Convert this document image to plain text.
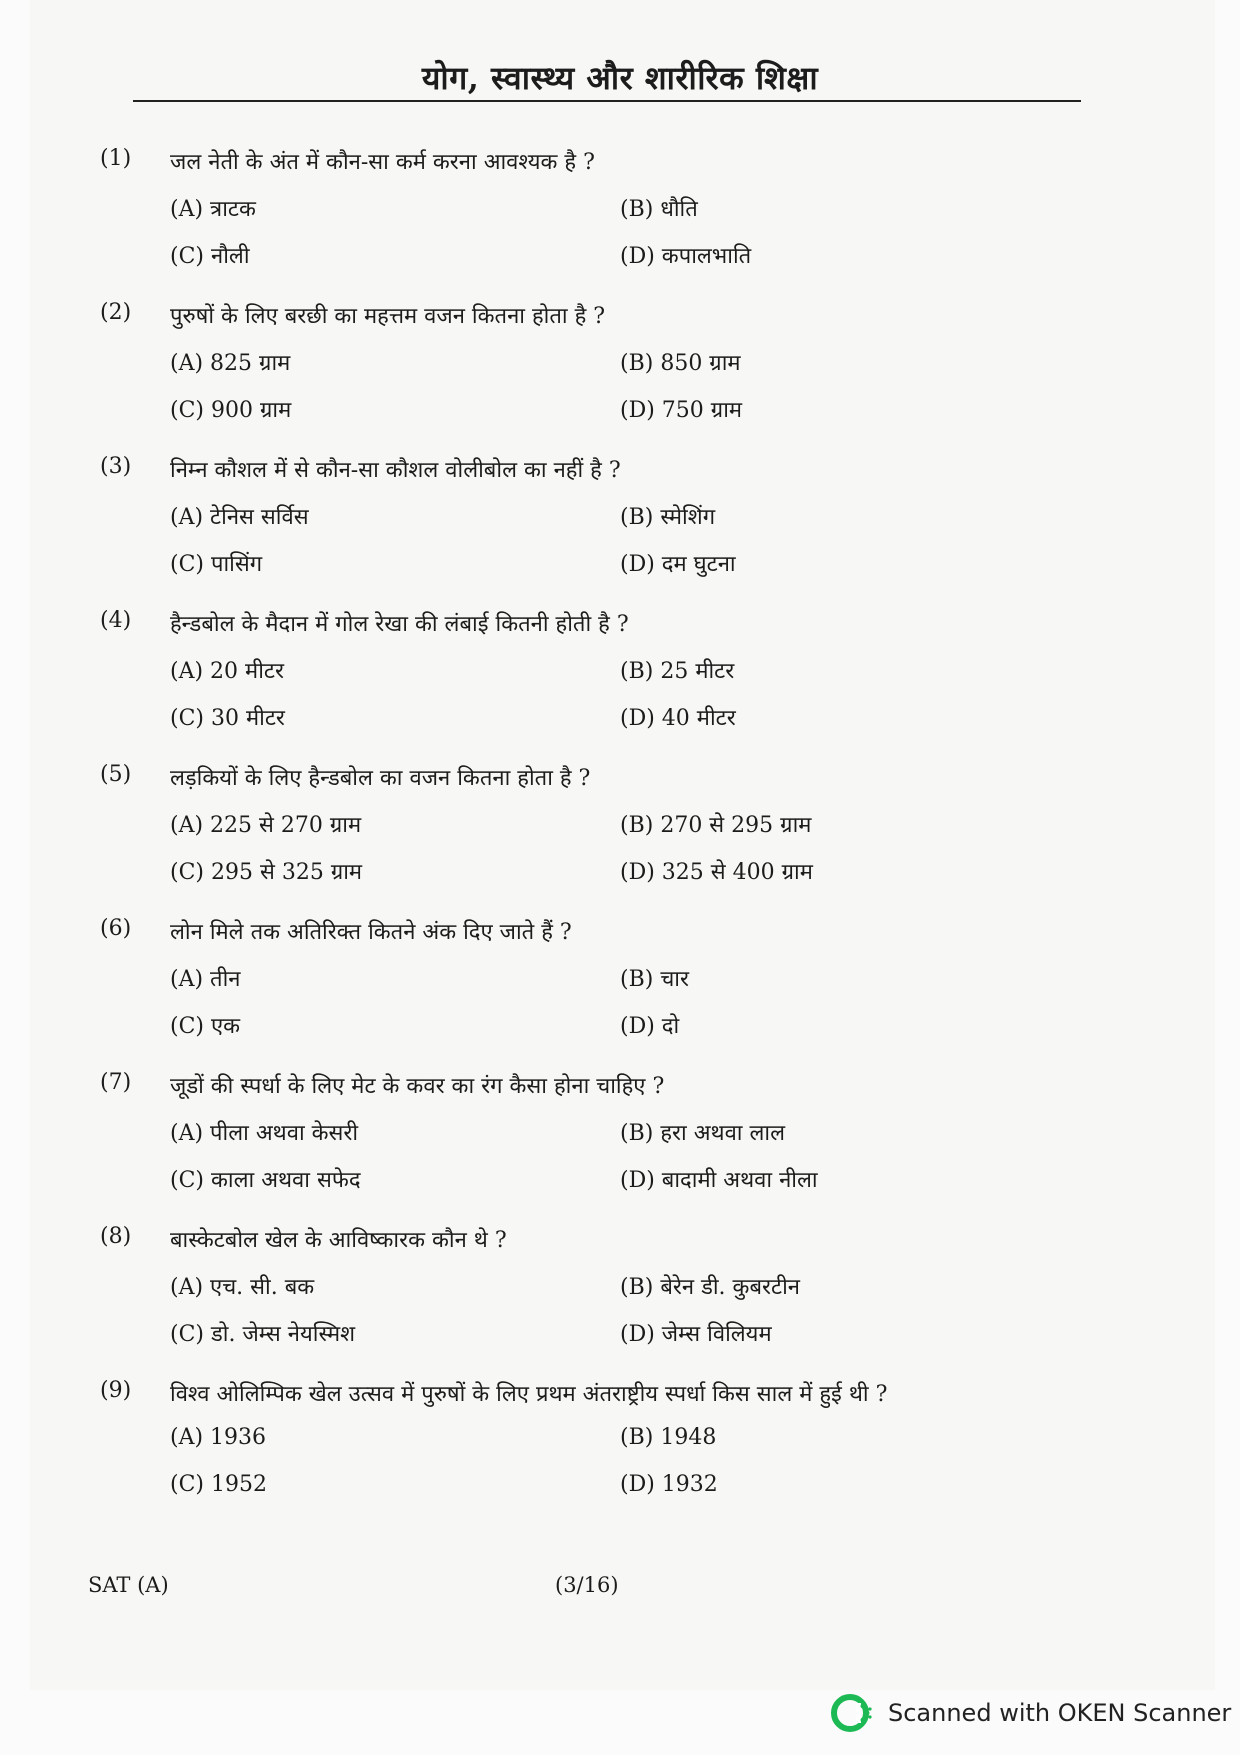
योग, स्वास्थ्य और शारीरिक शिक्षा
(1) जल नेती के अंत में कौन-सा कर्म करना आवश्यक है ?
(A) त्राटक	(B) धौति
(C) नौली	(D) कपालभाति
(2) पुरुषों के लिए बरछी का महत्तम वजन कितना होता है ?
(A) 825 ग्राम	(B) 850 ग्राम
(C) 900 ग्राम	(D) 750 ग्राम
(3) निम्न कौशल में से कौन-सा कौशल वोलीबोल का नहीं है ?
(A) टेनिस सर्विस	(B) स्मेशिंग
(C) पासिंग	(D) दम घुटना
(4) हैन्डबोल के मैदान में गोल रेखा की लंबाई कितनी होती है ?
(A) 20 मीटर	(B) 25 मीटर
(C) 30 मीटर	(D) 40 मीटर
(5) लड़कियों के लिए हैन्डबोल का वजन कितना होता है ?
(A) 225 से 270 ग्राम	(B) 270 से 295 ग्राम
(C) 295 से 325 ग्राम	(D) 325 से 400 ग्राम
(6) लोन मिले तक अतिरिक्त कितने अंक दिए जाते हैं ?
(A) तीन	(B) चार
(C) एक	(D) दो
(7) जूडों की स्पर्धा के लिए मेट के कवर का रंग कैसा होना चाहिए ?
(A) पीला अथवा केसरी	(B) हरा अथवा लाल
(C) काला अथवा सफेद	(D) बादामी अथवा नीला
(8) बास्केटबोल खेल के आविष्कारक कौन थे ?
(A) एच. सी. बक	(B) बेरेन डी. कुबरटीन
(C) डो. जेम्स नेयस्मिश	(D) जेम्स विलियम
(9) विश्व ओलिम्पिक खेल उत्सव में पुरुषों के लिए प्रथम अंतराष्ट्रीय स्पर्धा किस साल में हुई थी ?
(A) 1936	(B) 1948
(C) 1952	(D) 1932
SAT (A)	(3/16)
Scanned with OKEN Scanner
